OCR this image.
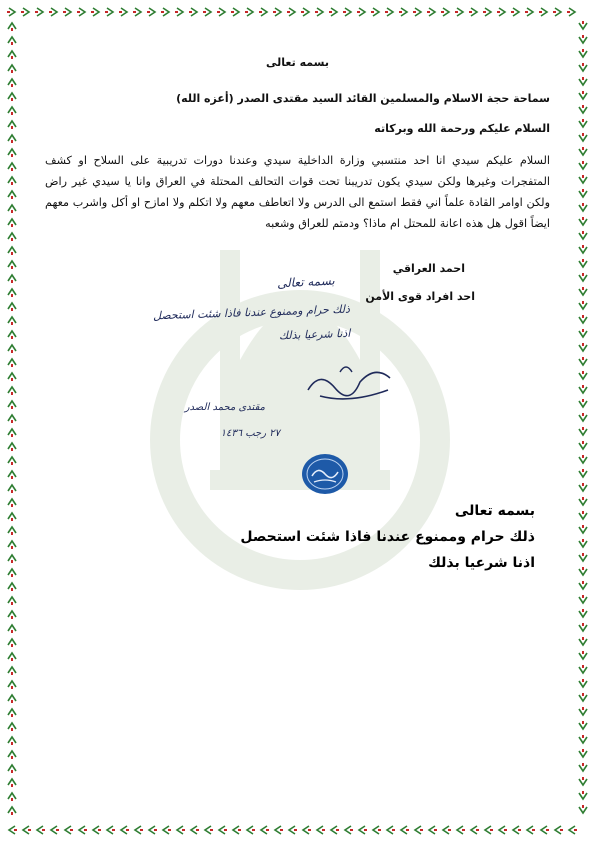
بسمه تعالى
سماحة حجة الاسلام والمسلمين القائد السيد مقتدى الصدر (أعزه الله)
السلام عليكم ورحمة الله وبركاته
السلام عليكم سيدي انا احد منتسبي وزارة الداخلية سيدي وعندنا دورات تدريبية على السلاح او كشف المتفجرات وغيرها ولكن سيدي يكون تدريبنا تحت قوات التحالف المحتلة في العراق وانا يا سيدي غير راض ولكن اوامر القادة علماً اني فقط استمع الى الدرس ولا اتعاطف معهم ولا اتكلم ولا امازح او أكل واشرب معهم ايضاً اقول هل هذه اعانة للمحتل ام ماذا؟ ودمتم للعراق وشعبه
احمد العراقي
احد افراد قوى الأمن
بسمه تعالى
ذلك حرام وممنوع عندنا فاذا شئت استحصل
اذنا شرعيا بذلك
مقتدى محمد الصدر
٢٧ رجب ١٤٣٦
بسمه تعالى
ذلك حرام وممنوع عندنا فاذا شئت استحصل
اذنا شرعيا بذلك
